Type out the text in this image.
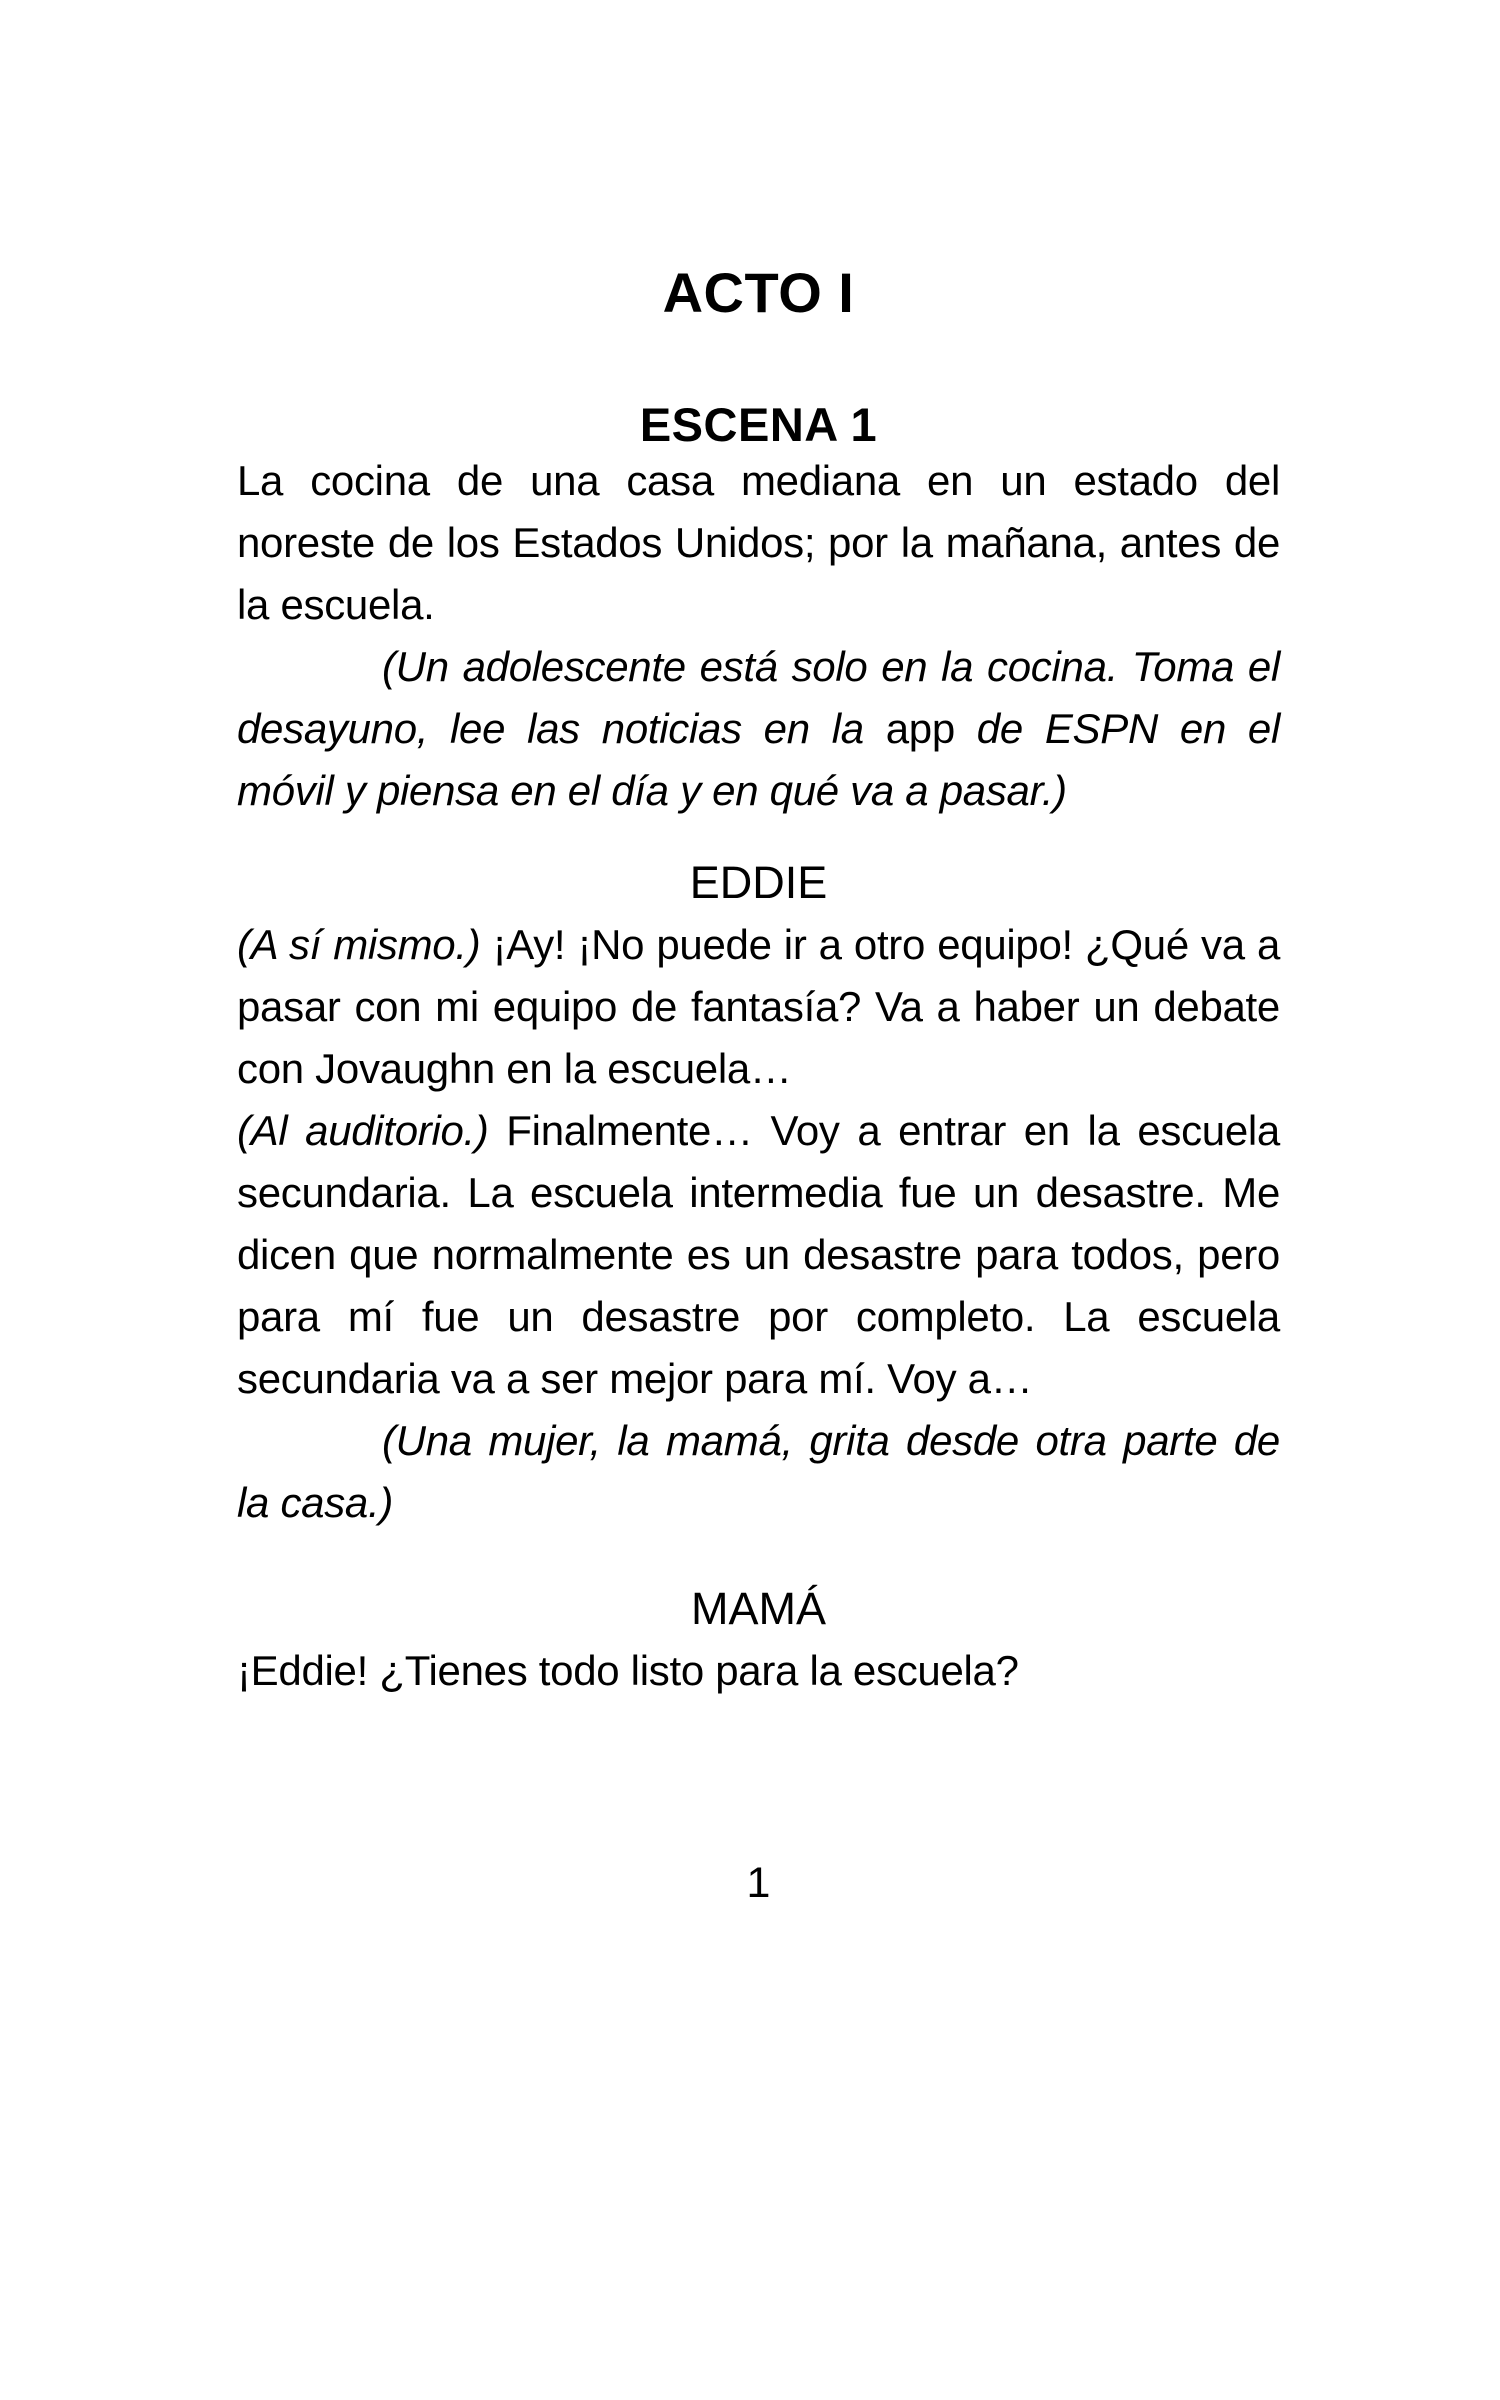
ACTO I
ESCENA 1

La cocina de una casa mediana en un estado del noreste de los Estados Unidos; por la mañana, antes de la escuela.

(Un adolescente está solo en la cocina. Toma el desayuno, lee las noticias en la app de ESPN en el móvil y piensa en el día y en qué va a pasar.)

EDDIE

(A sí mismo.) ¡Ay! ¡No puede ir a otro equipo! ¿Qué va a pasar con mi equipo de fantasía? Va a haber un debate con Jovaughn en la escuela…

(Al auditorio.) Finalmente… Voy a entrar en la escuela secundaria. La escuela intermedia fue un desastre. Me dicen que normalmente es un desastre para todos, pero para mí fue un desastre por completo. La escuela secundaria va a ser mejor para mí. Voy a…

(Una mujer, la mamá, grita desde otra parte de la casa.)

MAMÁ

¡Eddie! ¿Tienes todo listo para la escuela?

1
